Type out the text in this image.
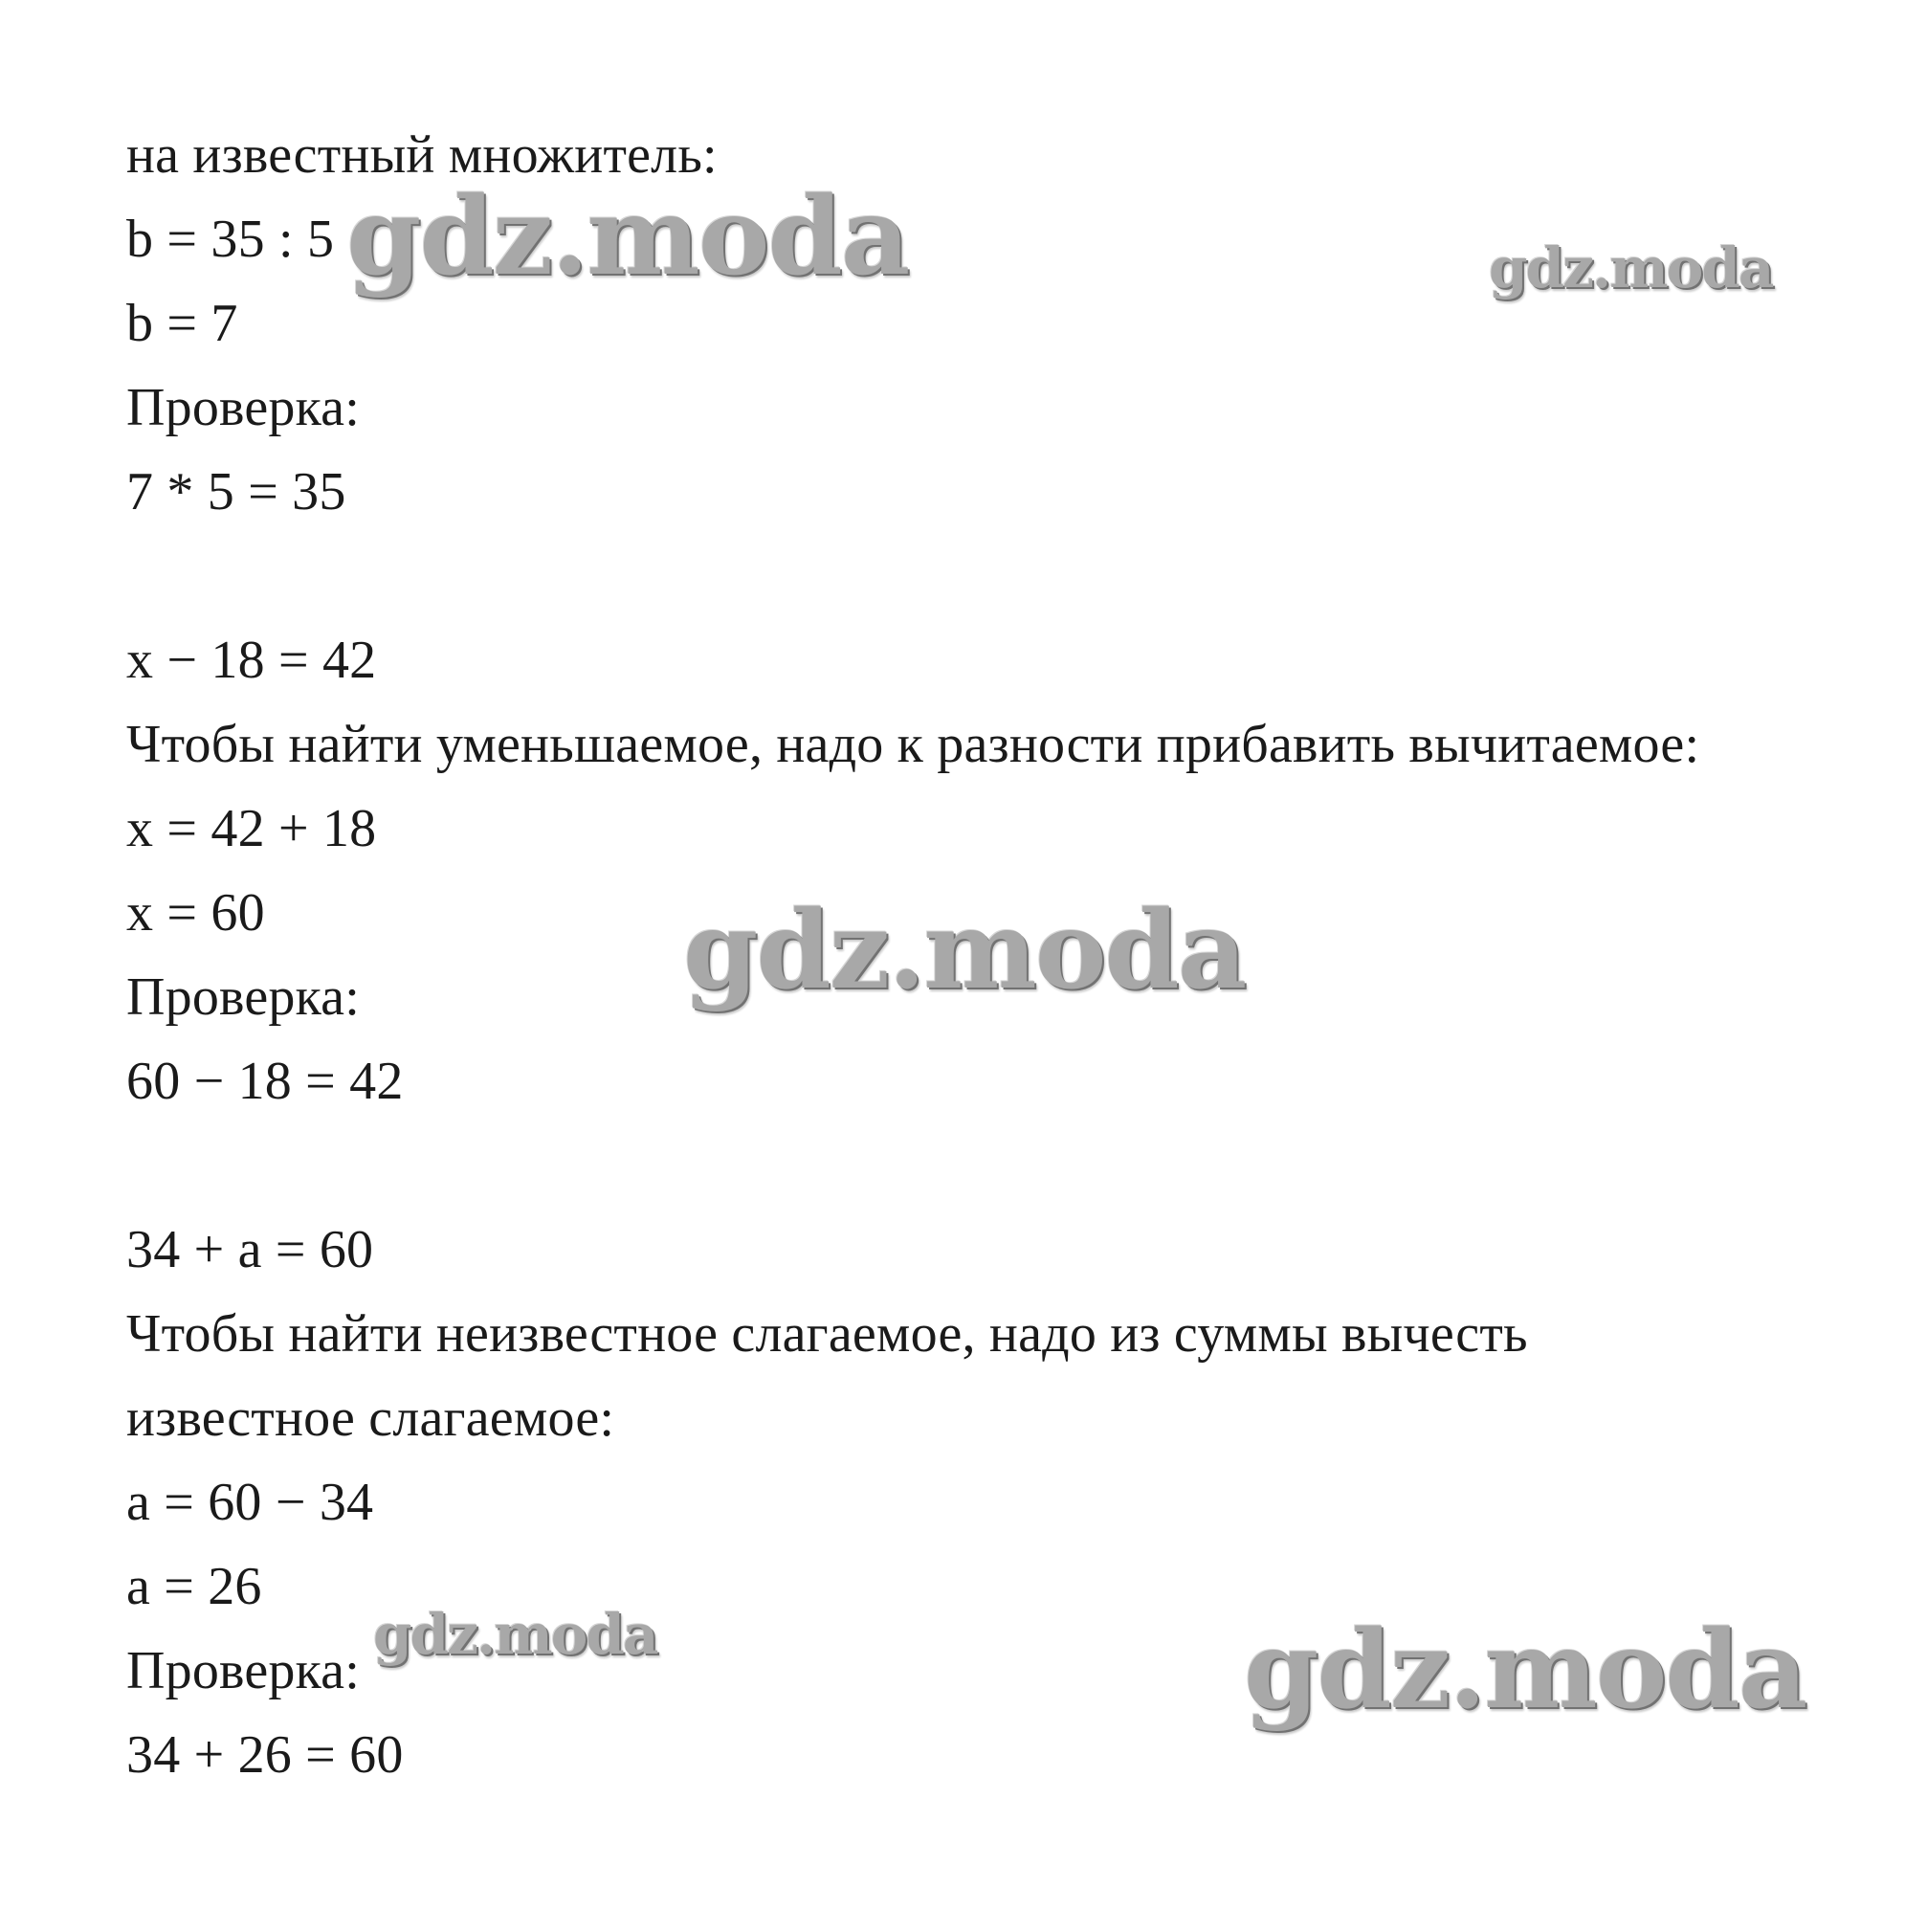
на известный множитель:
b = 35 : 5
b = 7
Проверка:
7 * 5 = 35
x − 18 = 42
Чтобы найти уменьшаемое, надо к разности прибавить вычитаемое:
x = 42 + 18
x = 60
Проверка:
60 − 18 = 42
34 + a = 60
Чтобы найти неизвестное слагаемое, надо из суммы вычесть
известное слагаемое:
a = 60 − 34
a = 26
Проверка:
34 + 26 = 60
gdz.moda	gdz.moda
gdz.moda
gdz.moda	gdz.moda
